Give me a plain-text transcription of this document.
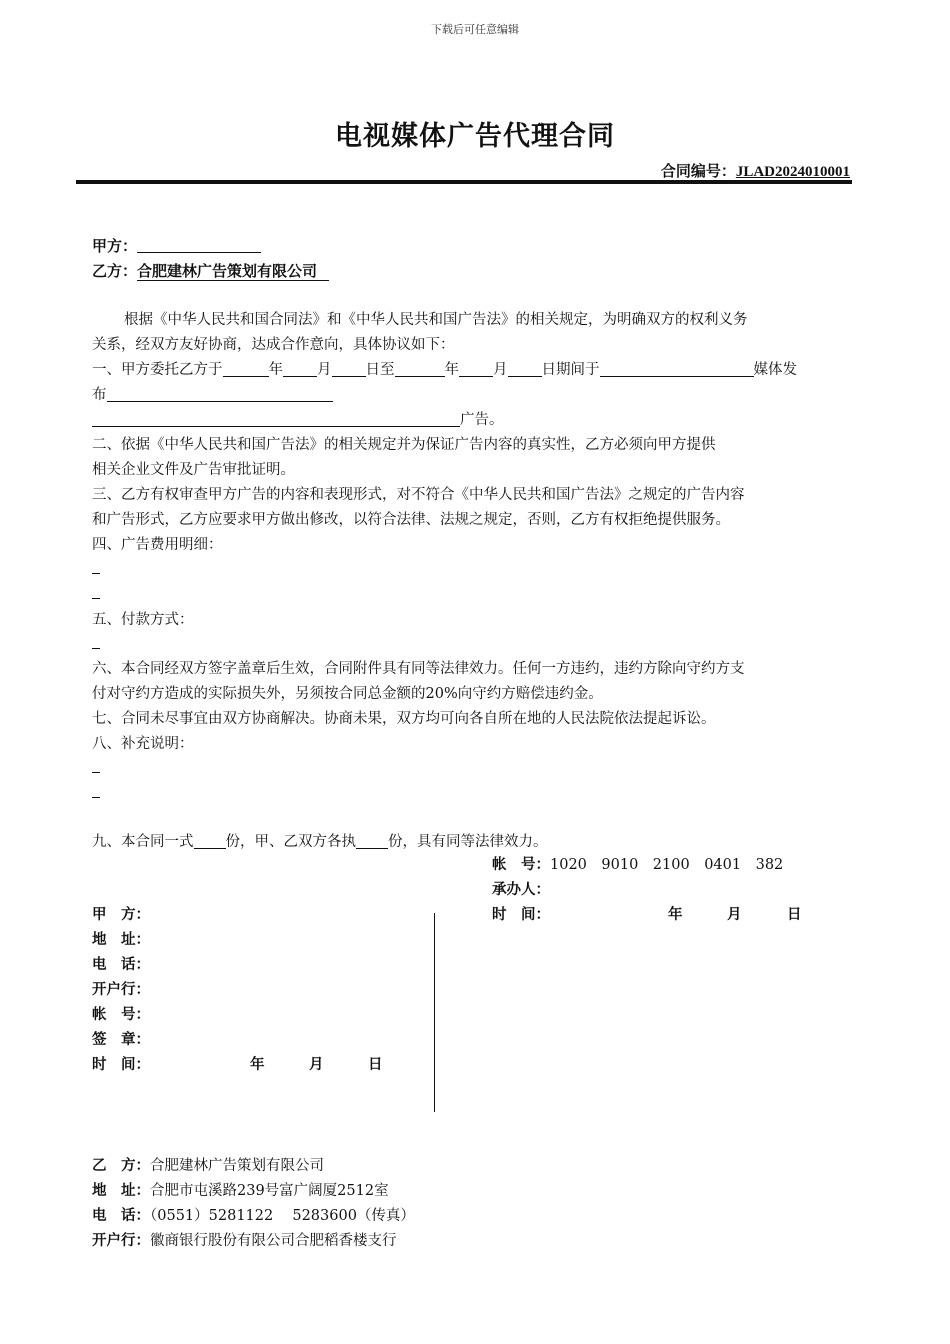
下载后可任意编辑
电视媒体广告代理合同
合同编号：JLAD2024010001
甲方：
乙方：合肥建林广告策划有限公司
根据《中华人民共和国合同法》和《中华人民共和国广告法》的相关规定，为明确双方的权利义务
关系，经双方友好协商，达成合作意向，具体协议如下：
一、甲方委托乙方于	年 月 日至	年 月 日期间于	媒体发
布
广告。
二、依据《中华人民共和国广告法》的相关规定并为保证广告内容的真实性，乙方必须向甲方提供
相关企业文件及广告审批证明。
三、乙方有权审查甲方广告的内容和表现形式，对不符合《中华人民共和国广告法》之规定的广告内容
和广告形式，乙方应要求甲方做出修改，以符合法律、法规之规定，否则，乙方有权拒绝提供服务。
四、广告费用明细：
五、付款方式：
六、本合同经双方签字盖章后生效，合同附件具有同等法律效力。任何一方违约，违约方除向守约方支
付对守约方造成的实际损失外，另须按合同总金额的20%向守约方赔偿违约金。
七、合同未尽事宜由双方协商解决。协商未果，双方均可向各自所在地的人民法院依法提起诉讼。
八、补充说明：
九、本合同一式 份，甲、乙双方各执 份，具有同等法律效力。
帐　号：1020　9010　2100　0401　382
承办人：
时　间：	年	月	日
甲　方：
地　址：
电　话：
开户行：
帐　号：
签　章：
时　间：	年	月	日
乙　方：合肥建林广告策划有限公司
地　址：合肥市屯溪路239号富广阔厦2512室
电　话：（0551）5281122　 5283600（传真）
开户行：徽商银行股份有限公司合肥稻香楼支行
